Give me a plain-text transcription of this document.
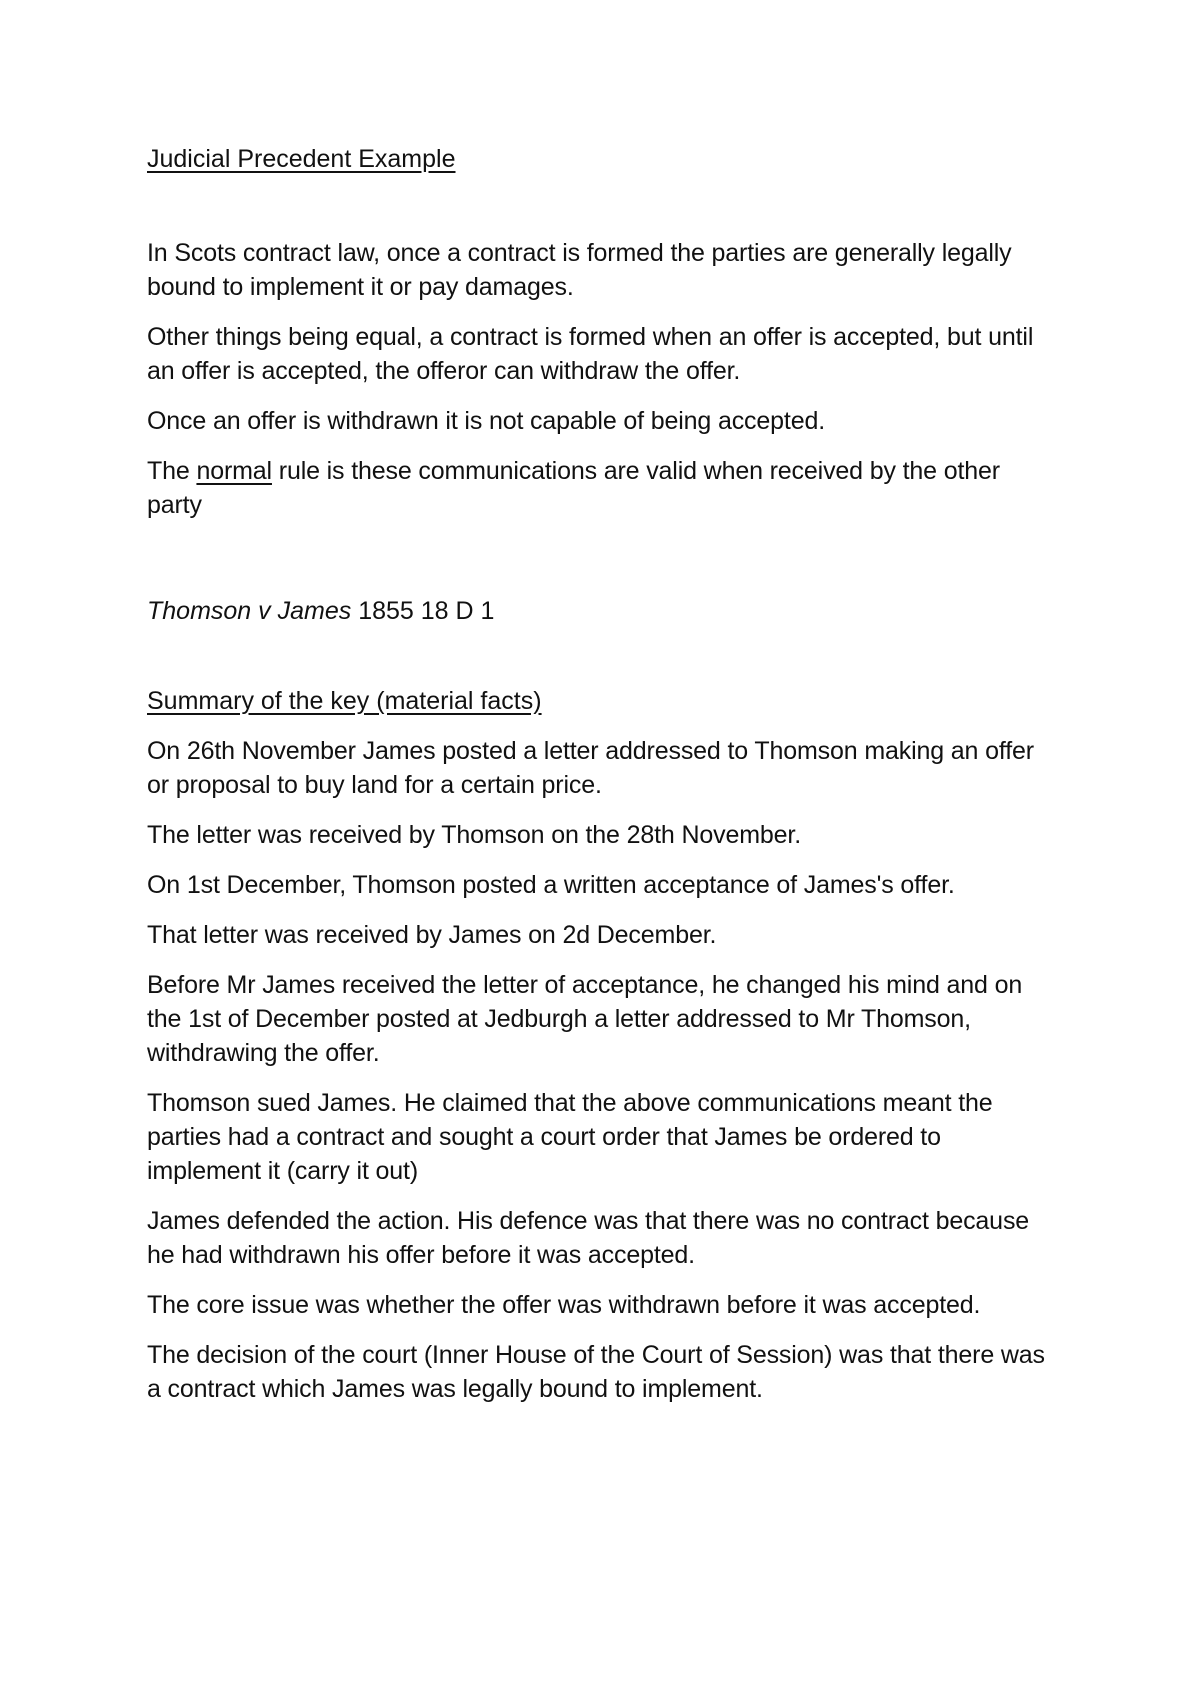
Judicial Precedent Example

In Scots contract law, once a contract is formed the parties are generally legally bound to implement it or pay damages.

Other things being equal, a contract is formed when an offer is accepted, but until an offer is accepted, the offeror can withdraw the offer.

Once an offer is withdrawn it is not capable of being accepted.

The normal rule is these communications are valid when received by the other party

Thomson v James 1855 18 D 1

Summary of the key (material facts)

On 26th November James posted a letter addressed to Thomson making an offer or proposal to buy land for a certain price.

The letter was received by Thomson on the 28th November.

On 1st December, Thomson posted a written acceptance of James's offer.

That letter was received by James on 2d December.

Before Mr James received the letter of acceptance, he changed his mind and on the 1st of December posted at Jedburgh a letter addressed to Mr Thomson, withdrawing the offer.

Thomson sued James. He claimed that the above communications meant the parties had a contract and sought a court order that James be ordered to implement it (carry it out)

James defended the action. His defence was that there was no contract because he had withdrawn his offer before it was accepted.

The core issue was whether the offer was withdrawn before it was accepted.

The decision of the court (Inner House of the Court of Session) was that there was a contract which James was legally bound to implement.
